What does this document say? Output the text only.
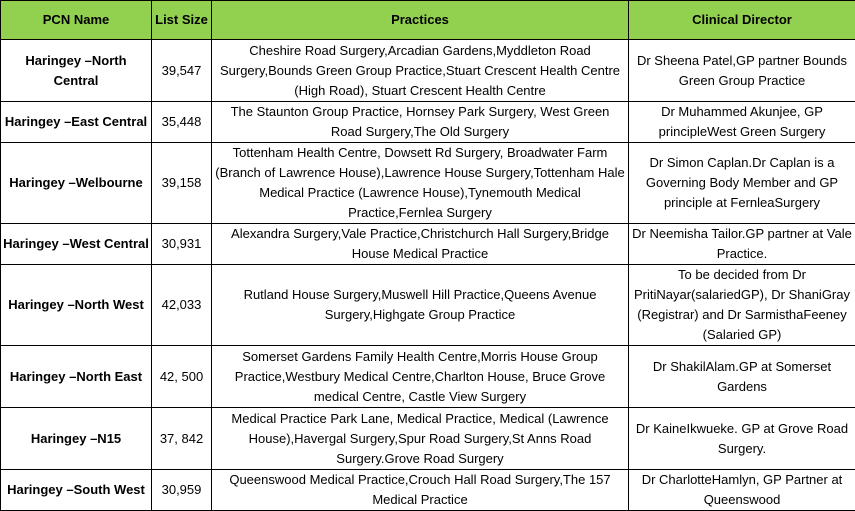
PCN Name	List Size	Practices	Clinical Director
Haringey –North Central	39,547	Cheshire Road Surgery,Arcadian Gardens,Myddleton Road Surgery,Bounds Green Group Practice,Stuart Crescent Health Centre (High Road), Stuart Crescent Health Centre	Dr Sheena Patel,GP partner Bounds Green Group Practice
Haringey –East Central	35,448	The Staunton Group Practice, Hornsey Park Surgery, West Green Road Surgery,The Old Surgery	Dr Muhammed Akunjee, GP principleWest Green Surgery
Haringey –Welbourne	39,158	Tottenham Health Centre, Dowsett Rd Surgery, Broadwater Farm (Branch of Lawrence House),Lawrence House Surgery,Tottenham Hale Medical Practice (Lawrence House),Tynemouth Medical Practice,Fernlea Surgery	Dr Simon Caplan.Dr Caplan is a Governing Body Member and GP principle at FernleaSurgery
Haringey –West Central	30,931	Alexandra Surgery,Vale Practice,Christchurch Hall Surgery,Bridge House Medical Practice	Dr Neemisha Tailor.GP partner at Vale Practice.
Haringey –North West	42,033	Rutland House Surgery,Muswell Hill Practice,Queens Avenue Surgery,Highgate Group Practice	To be decided from Dr PritiNayar(salariedGP), Dr ShaniGray (Registrar) and Dr SarmisthaFeeney (Salaried GP)
Haringey –North East	42, 500	Somerset Gardens Family Health Centre,Morris House Group Practice,Westbury Medical Centre,Charlton House, Bruce Grove medical Centre, Castle View Surgery	Dr ShakilAlam.GP at Somerset Gardens
Haringey –N15	37, 842	Medical Practice Park Lane, Medical Practice, Medical (Lawrence House),Havergal Surgery,Spur Road Surgery,St Anns Road Surgery.Grove Road Surgery	Dr KaineIkwueke. GP at Grove Road Surgery.
Haringey –South West	30,959	Queenswood Medical Practice,Crouch Hall Road Surgery,The 157 Medical Practice	Dr CharlotteHamlyn, GP Partner at Queenswood
